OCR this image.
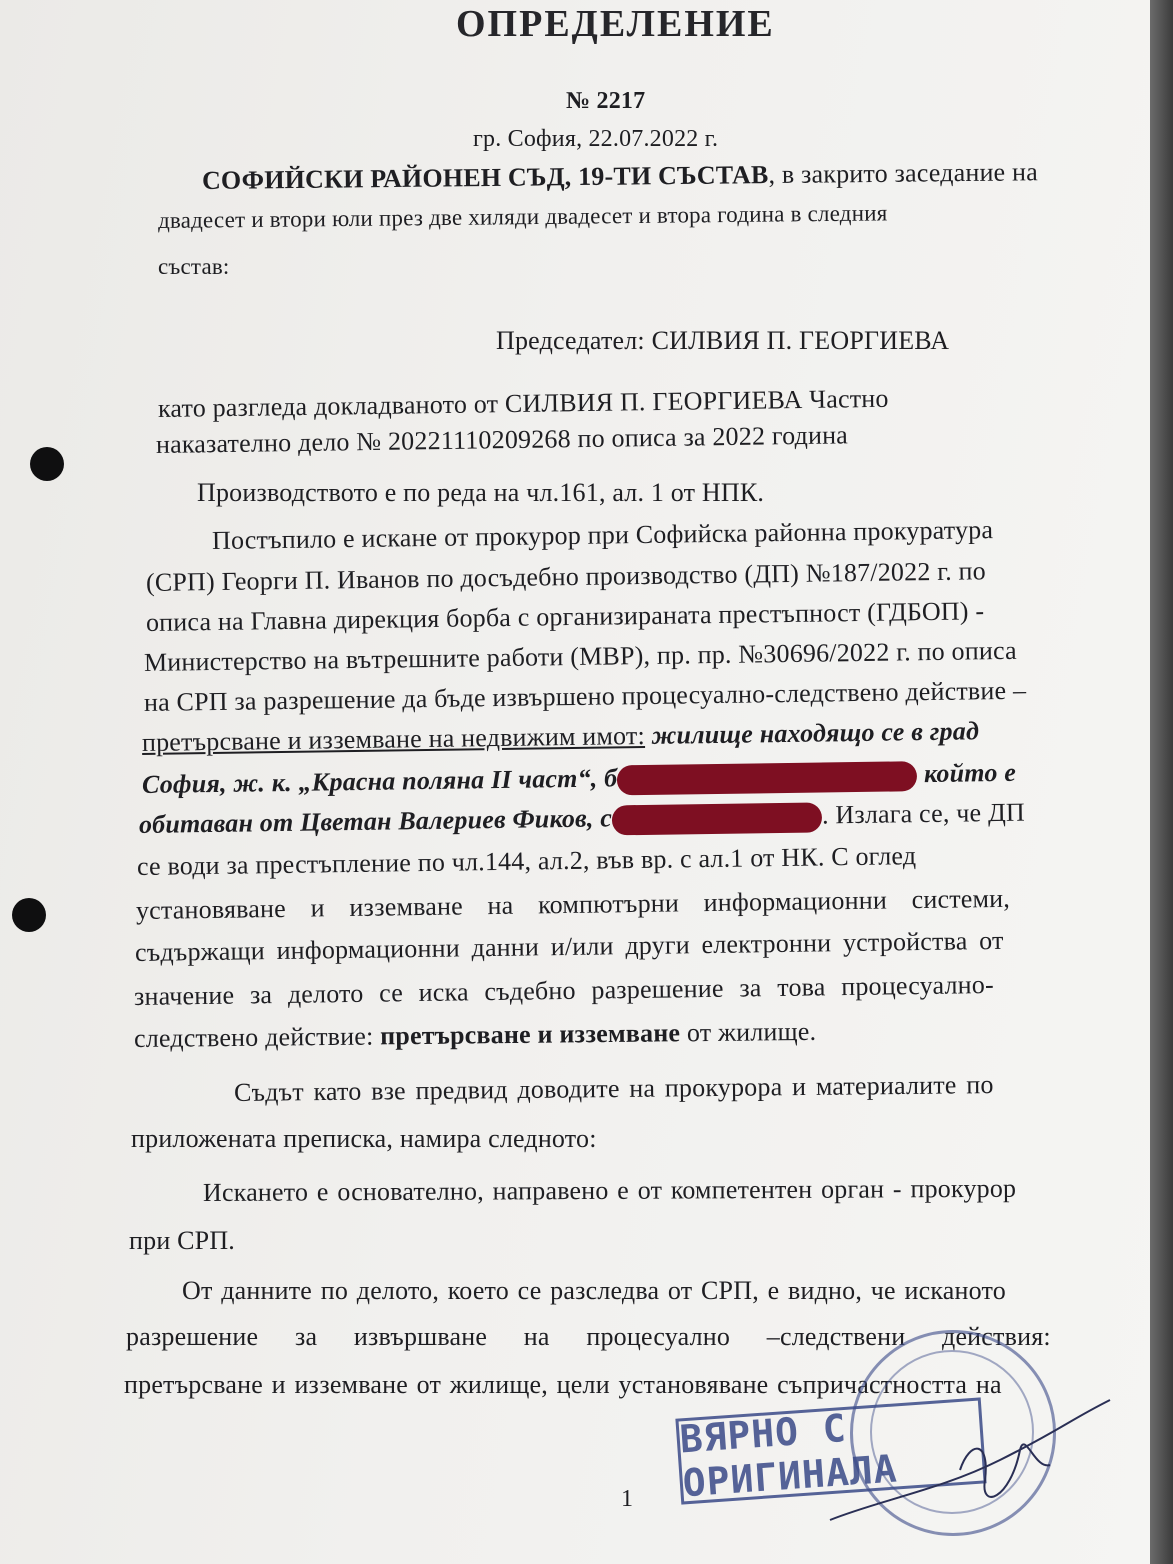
ОПРЕДЕЛЕНИЕ
№ 2217
гр. София, 22.07.2022 г.
СОФИЙСКИ РАЙОНЕН СЪД, 19-ТИ СЪСТАВ, в закрито заседание на
двадесет и втори юли през две хиляди двадесет и втора година в следния
състав:
Председател: СИЛВИЯ П. ГЕОРГИЕВА
като разгледа докладваното от СИЛВИЯ П. ГЕОРГИЕВА Частно
наказателно дело № 20221110209268 по описа за 2022 година
Производството е по реда на чл.161, ал. 1 от НПК.
Постъпило е искане от прокурор при Софийска районна прокуратура
(СРП) Георги П. Иванов по досъдебно производство (ДП) №187/2022 г. по
описа на Главна дирекция борба с организираната престъпност (ГДБОП) -
Министерство на вътрешните работи (МВР), пр. пр. №30696/2022 г. по описа
на СРП за разрешение да бъде извършено процесуално-следствено действие –
претърсване и изземване на недвижим имот: жилище находящо се в град
София, ж. к. „Красна поляна II част“, б	който е
обитаван от Цветан Валериев Фиков, с	. Излага се, че ДП
се води за престъпление по чл.144, ал.2, във вр. с ал.1 от НК. С оглед
установяване и изземване на компютърни информационни системи,
съдържащи информационни данни и/или други електронни устройства от
значение за делото се иска съдебно разрешение за това процесуално-
следствено действие: претърсване и изземване от жилище.
Съдът като взе предвид доводите на прокурора и материалите по
приложената преписка, намира следното:
Искането е основателно, направено е от компетентен орган - прокурор
при СРП.
От данните по делото, което се разследва от СРП, е видно, че исканото
разрешение за извършване на процесуално –следствени действия:
претърсване и изземване от жилище, цели установяване съпричастността на
1
ВЯРНО С ОРИГИНАЛА
